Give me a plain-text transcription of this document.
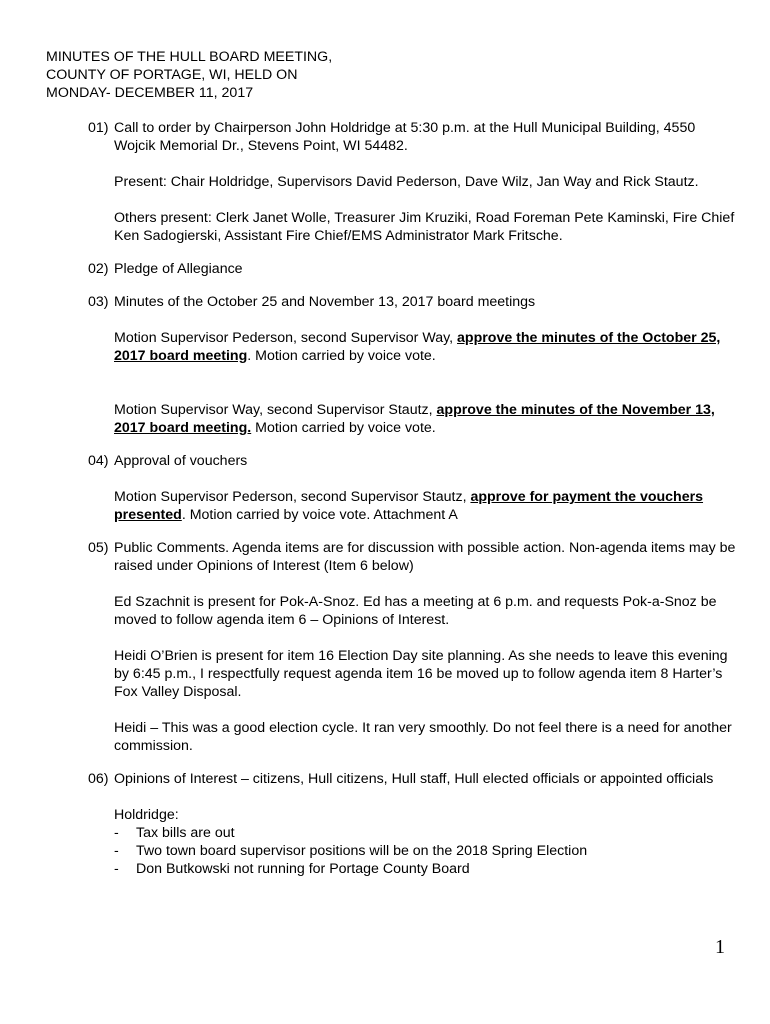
MINUTES OF THE HULL BOARD MEETING,
COUNTY OF PORTAGE, WI, HELD ON
MONDAY- DECEMBER 11, 2017
01) Call to order by Chairperson John Holdridge at 5:30 p.m. at the Hull Municipal Building, 4550 Wojcik Memorial Dr., Stevens Point, WI 54482.
Present: Chair Holdridge, Supervisors David Pederson, Dave Wilz, Jan Way and Rick Stautz.
Others present: Clerk Janet Wolle, Treasurer Jim Kruziki, Road Foreman Pete Kaminski, Fire Chief Ken Sadogierski, Assistant Fire Chief/EMS Administrator Mark Fritsche.
02) Pledge of Allegiance
03) Minutes of the October 25 and November 13, 2017 board meetings
Motion Supervisor Pederson, second Supervisor Way, approve the minutes of the October 25, 2017 board meeting. Motion carried by voice vote.
Motion Supervisor Way, second Supervisor Stautz, approve the minutes of the November 13, 2017 board meeting. Motion carried by voice vote.
04) Approval of vouchers
Motion Supervisor Pederson, second Supervisor Stautz, approve for payment the vouchers presented. Motion carried by voice vote. Attachment A
05) Public Comments. Agenda items are for discussion with possible action. Non-agenda items may be raised under Opinions of Interest (Item 6 below)
Ed Szachnit is present for Pok-A-Snoz. Ed has a meeting at 6 p.m. and requests Pok-a-Snoz be moved to follow agenda item 6 – Opinions of Interest.
Heidi O’Brien is present for item 16 Election Day site planning. As she needs to leave this evening by 6:45 p.m., I respectfully request agenda item 16 be moved up to follow agenda item 8 Harter’s Fox Valley Disposal.
Heidi – This was a good election cycle. It ran very smoothly. Do not feel there is a need for another commission.
06) Opinions of Interest – citizens, Hull citizens, Hull staff, Hull elected officials or appointed officials
Holdridge:
- Tax bills are out
- Two town board supervisor positions will be on the 2018 Spring Election
- Don Butkowski not running for Portage County Board
1
